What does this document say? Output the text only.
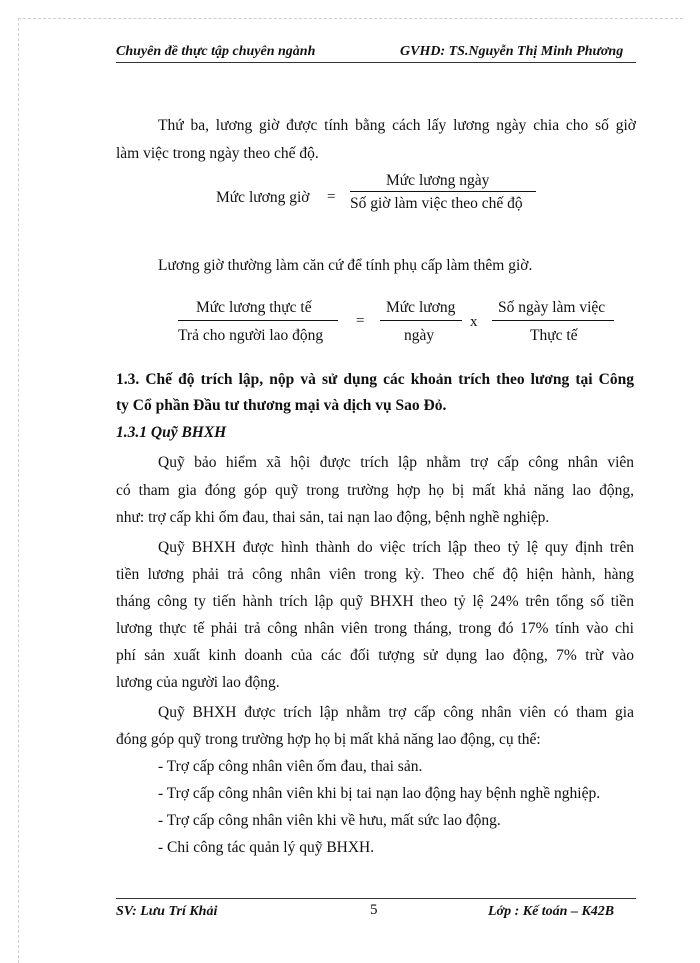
Chuyên đề thực tập chuyên ngành	GVHD: TS.Nguyễn Thị Minh Phương
Thứ ba, lương giờ được tính bằng cách lấy lương ngày chia cho số giờ
làm việc trong ngày theo chế độ.
Mức lương giờ =
Mức lương ngày
Số giờ làm việc theo chế độ
Lương giờ thường làm căn cứ để tính phụ cấp làm thêm giờ.
Mức lương thực tế
Trả cho người lao động
=
Mức lương
ngày
x
Số ngày làm việc
Thực tế
1.3. Chế độ trích lập, nộp và sử dụng các khoản trích theo lương tại Công
ty Cổ phần Đầu tư thương mại và dịch vụ Sao Đỏ.
1.3.1 Quỹ BHXH
Quỹ bảo hiểm xã hội được trích lập nhằm trợ cấp công nhân viên
có tham gia đóng góp quỹ trong trường hợp họ bị mất khả năng lao động,
như: trợ cấp khi ốm đau, thai sản, tai nạn lao động, bệnh nghề nghiệp.
Quỹ BHXH được hình thành do việc trích lập theo tỷ lệ quy định trên
tiền lương phải trả công nhân viên trong kỳ. Theo chế độ hiện hành, hàng
tháng công ty tiến hành trích lập quỹ BHXH theo tỷ lệ 24% trên tổng số tiền
lương thực tế phải trả công nhân viên trong tháng, trong đó 17% tính vào chi
phí sản xuất kinh doanh của các đối tượng sử dụng lao động, 7% trừ vào
lương của người lao động.
Quỹ BHXH được trích lập nhằm trợ cấp công nhân viên có tham gia
đóng góp quỹ trong trường hợp họ bị mất khả năng lao động, cụ thể:
- Trợ cấp công nhân viên ốm đau, thai sản.
- Trợ cấp công nhân viên khi bị tai nạn lao động hay bệnh nghề nghiệp.
- Trợ cấp công nhân viên khi về hưu, mất sức lao động.
- Chi công tác quản lý quỹ BHXH.
SV: Lưu Trí Khải	5	Lớp : Kế toán – K42B
